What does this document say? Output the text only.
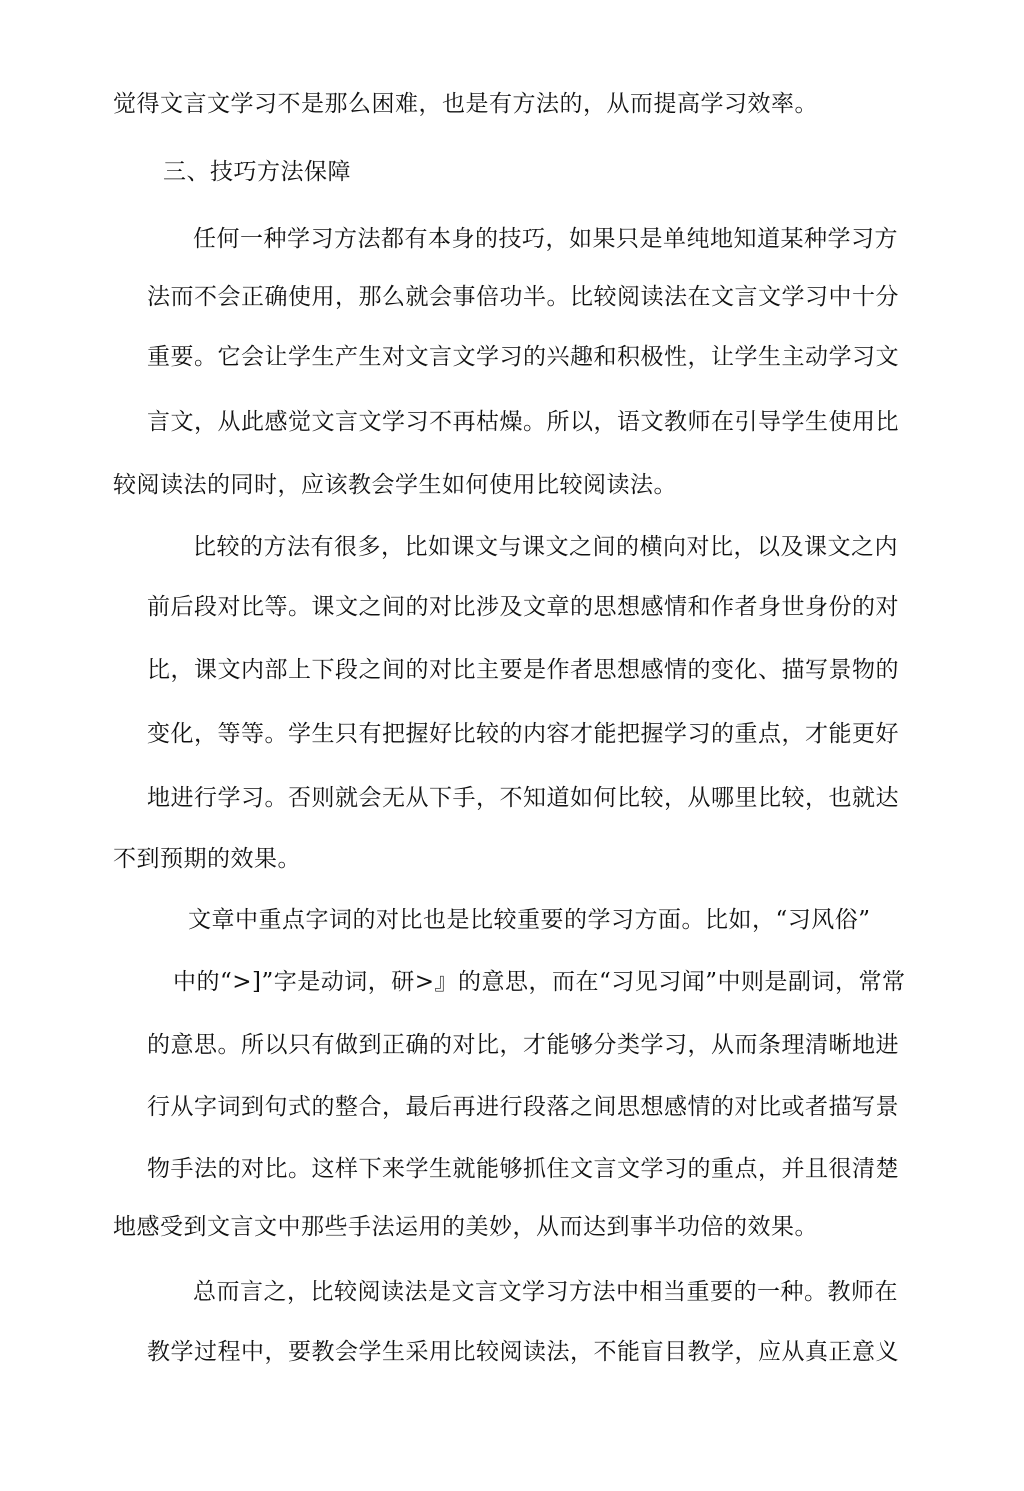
觉得文言文学习不是那么困难，也是有方法的，从而提高学习效率。
三、技巧方法保障
任何一种学习方法都有本身的技巧，如果只是单纯地知道某种学习方
法而不会正确使用，那么就会事倍功半。比较阅读法在文言文学习中十分
重要。它会让学生产生对文言文学习的兴趣和积极性，让学生主动学习文
言文，从此感觉文言文学习不再枯燥。所以，语文教师在引导学生使用比
较阅读法的同时，应该教会学生如何使用比较阅读法。
比较的方法有很多，比如课文与课文之间的横向对比，以及课文之内
前后段对比等。课文之间的对比涉及文章的思想感情和作者身世身份的对
比，课文内部上下段之间的对比主要是作者思想感情的变化、描写景物的
变化，等等。学生只有把握好比较的内容才能把握学习的重点，才能更好
地进行学习。否则就会无从下手，不知道如何比较，从哪里比较，也就达
不到预期的效果。
文章中重点字词的对比也是比较重要的学习方面。比如，“习风俗”
中的“>]”字是动词，研>』的意思，而在“习见习闻”中则是副词，常常
的意思。所以只有做到正确的对比，才能够分类学习，从而条理清晰地进
行从字词到句式的整合，最后再进行段落之间思想感情的对比或者描写景
物手法的对比。这样下来学生就能够抓住文言文学习的重点，并且很清楚
地感受到文言文中那些手法运用的美妙，从而达到事半功倍的效果。
总而言之，比较阅读法是文言文学习方法中相当重要的一种。教师在
教学过程中，要教会学生采用比较阅读法，不能盲目教学，应从真正意义
